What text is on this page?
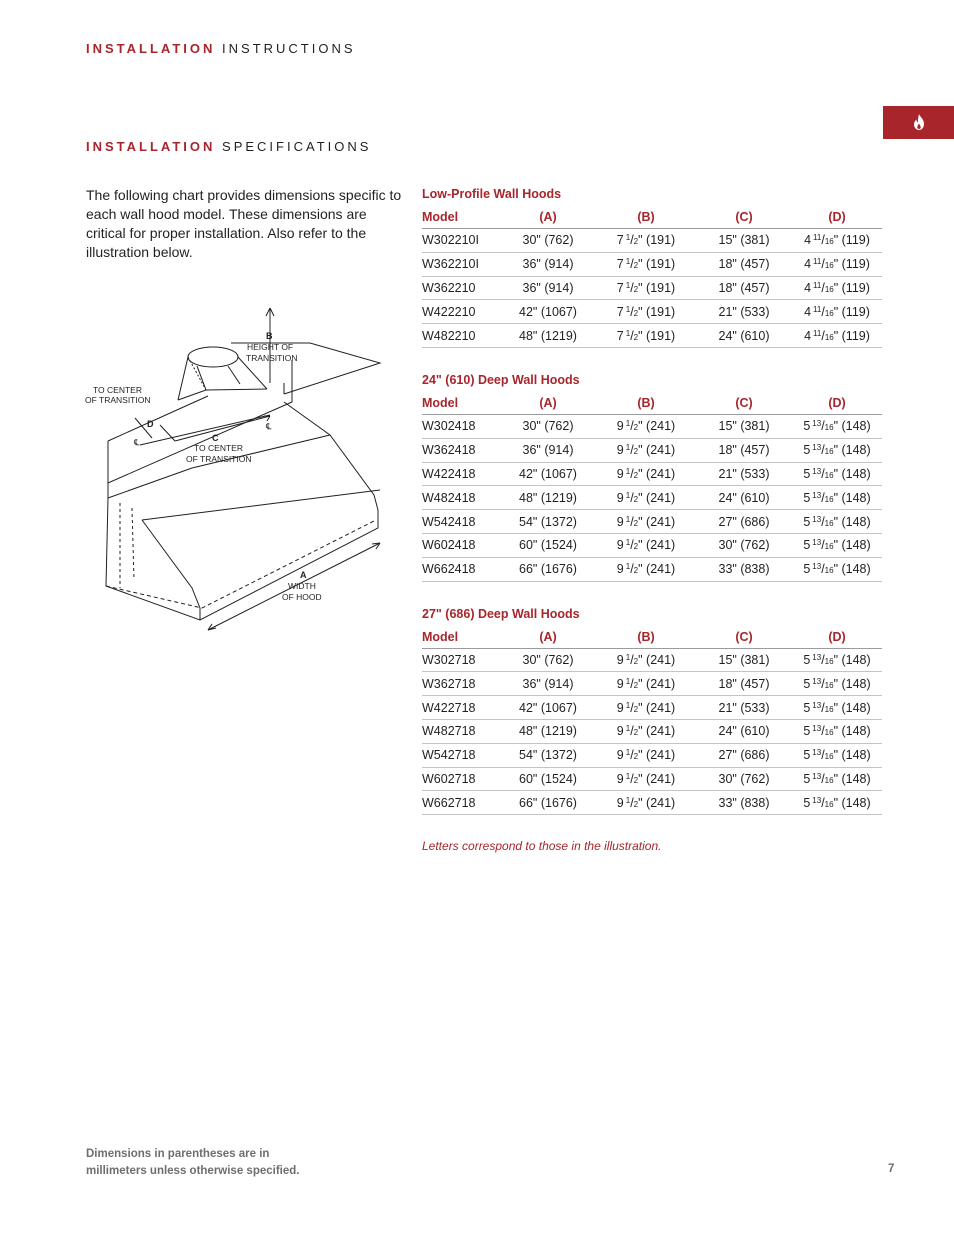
INSTALLATION INSTRUCTIONS
INSTALLATION SPECIFICATIONS
The following chart provides dimensions specific to each wall hood model. These dimensions are critical for proper installation. Also refer to the illustration below.
B
HEIGHT OF
TRANSITION
TO CENTER
OF TRANSITION
D
℄
℄
C
TO CENTER
OF TRANSITION
A
WIDTH
OF HOOD
Low-Profile Wall Hoods
Model	(A)	(B)	(C)	(D)
W302210I	30" (762)	7 $^1$/2" (191)	15" (381)	4 $^{11}$/16" (119)
W362210I	36" (914)	7 $^1$/2" (191)	18" (457)	4 $^{11}$/16" (119)
W362210	36" (914)	7 $^1$/2" (191)	18" (457)	4 $^{11}$/16" (119)
W422210	42" (1067)	7 $^1$/2" (191)	21" (533)	4 $^{11}$/16" (119)
W482210	48" (1219)	7 $^1$/2" (191)	24" (610)	4 $^{11}$/16" (119)
24" (610) Deep Wall Hoods
Model	(A)	(B)	(C)	(D)
W302418	30" (762)	9 $^1$/2" (241)	15" (381)	5 $^{13}$/16" (148)
W362418	36" (914)	9 $^1$/2" (241)	18" (457)	5 $^{13}$/16" (148)
W422418	42" (1067)	9 $^1$/2" (241)	21" (533)	5 $^{13}$/16" (148)
W482418	48" (1219)	9 $^1$/2" (241)	24" (610)	5 $^{13}$/16" (148)
W542418	54" (1372)	9 $^1$/2" (241)	27" (686)	5 $^{13}$/16" (148)
W602418	60" (1524)	9 $^1$/2" (241)	30" (762)	5 $^{13}$/16" (148)
W662418	66" (1676)	9 $^1$/2" (241)	33" (838)	5 $^{13}$/16" (148)
27" (686) Deep Wall Hoods
Model	(A)	(B)	(C)	(D)
W302718	30" (762)	9 $^1$/2" (241)	15" (381)	5 $^{13}$/16" (148)
W362718	36" (914)	9 $^1$/2" (241)	18" (457)	5 $^{13}$/16" (148)
W422718	42" (1067)	9 $^1$/2" (241)	21" (533)	5 $^{13}$/16" (148)
W482718	48" (1219)	9 $^1$/2" (241)	24" (610)	5 $^{13}$/16" (148)
W542718	54" (1372)	9 $^1$/2" (241)	27" (686)	5 $^{13}$/16" (148)
W602718	60" (1524)	9 $^1$/2" (241)	30" (762)	5 $^{13}$/16" (148)
W662718	66" (1676)	9 $^1$/2" (241)	33" (838)	5 $^{13}$/16" (148)
Letters correspond to those in the illustration.
Dimensions in parentheses are in
millimeters unless otherwise specified.	7
